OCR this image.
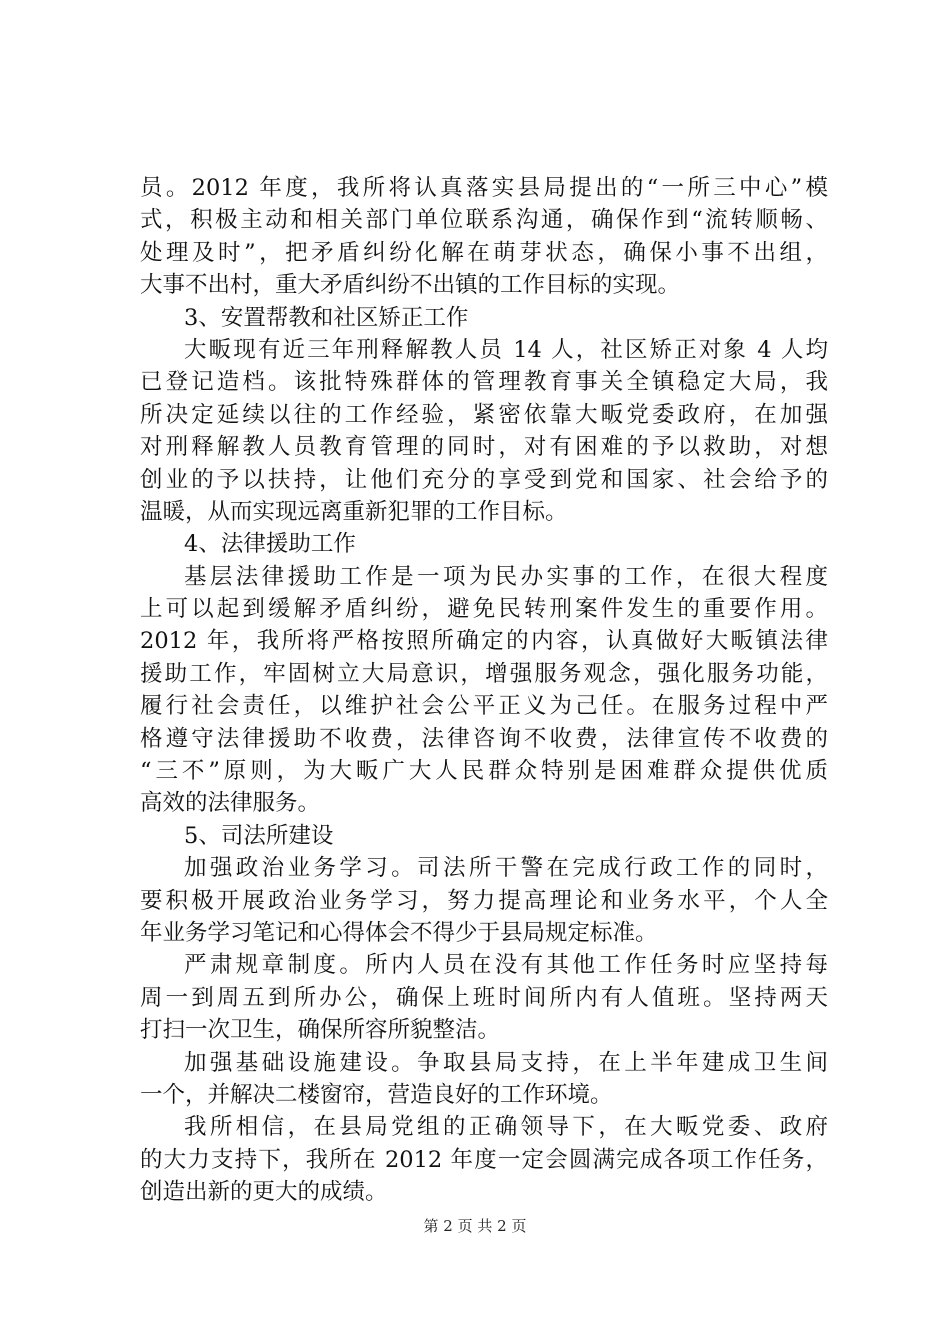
员。2012 年度，我所将认真落实县局提出的“一所三中心”模
式，积极主动和相关部门单位联系沟通，确保作到“流转顺畅、
处理及时”，把矛盾纠纷化解在萌芽状态，确保小事不出组，
大事不出村，重大矛盾纠纷不出镇的工作目标的实现。
3、安置帮教和社区矫正工作
大畈现有近三年刑释解教人员 14 人，社区矫正对象 4 人均
已登记造档。该批特殊群体的管理教育事关全镇稳定大局，我
所决定延续以往的工作经验，紧密依靠大畈党委政府，在加强
对刑释解教人员教育管理的同时，对有困难的予以救助，对想
创业的予以扶持，让他们充分的享受到党和国家、社会给予的
温暖，从而实现远离重新犯罪的工作目标。
4、法律援助工作
基层法律援助工作是一项为民办实事的工作，在很大程度
上可以起到缓解矛盾纠纷，避免民转刑案件发生的重要作用。
2012 年，我所将严格按照所确定的内容，认真做好大畈镇法律
援助工作，牢固树立大局意识，增强服务观念，强化服务功能，
履行社会责任，以维护社会公平正义为己任。在服务过程中严
格遵守法律援助不收费，法律咨询不收费，法律宣传不收费的
“三不”原则，为大畈广大人民群众特别是困难群众提供优质
高效的法律服务。
5、司法所建设
加强政治业务学习。司法所干警在完成行政工作的同时，
要积极开展政治业务学习，努力提高理论和业务水平，个人全
年业务学习笔记和心得体会不得少于县局规定标准。
严肃规章制度。所内人员在没有其他工作任务时应坚持每
周一到周五到所办公，确保上班时间所内有人值班。坚持两天
打扫一次卫生，确保所容所貌整洁。
加强基础设施建设。争取县局支持，在上半年建成卫生间
一个，并解决二楼窗帘，营造良好的工作环境。
我所相信，在县局党组的正确领导下，在大畈党委、政府
的大力支持下，我所在 2012 年度一定会圆满完成各项工作任务，
创造出新的更大的成绩。
第 2 页 共 2 页
